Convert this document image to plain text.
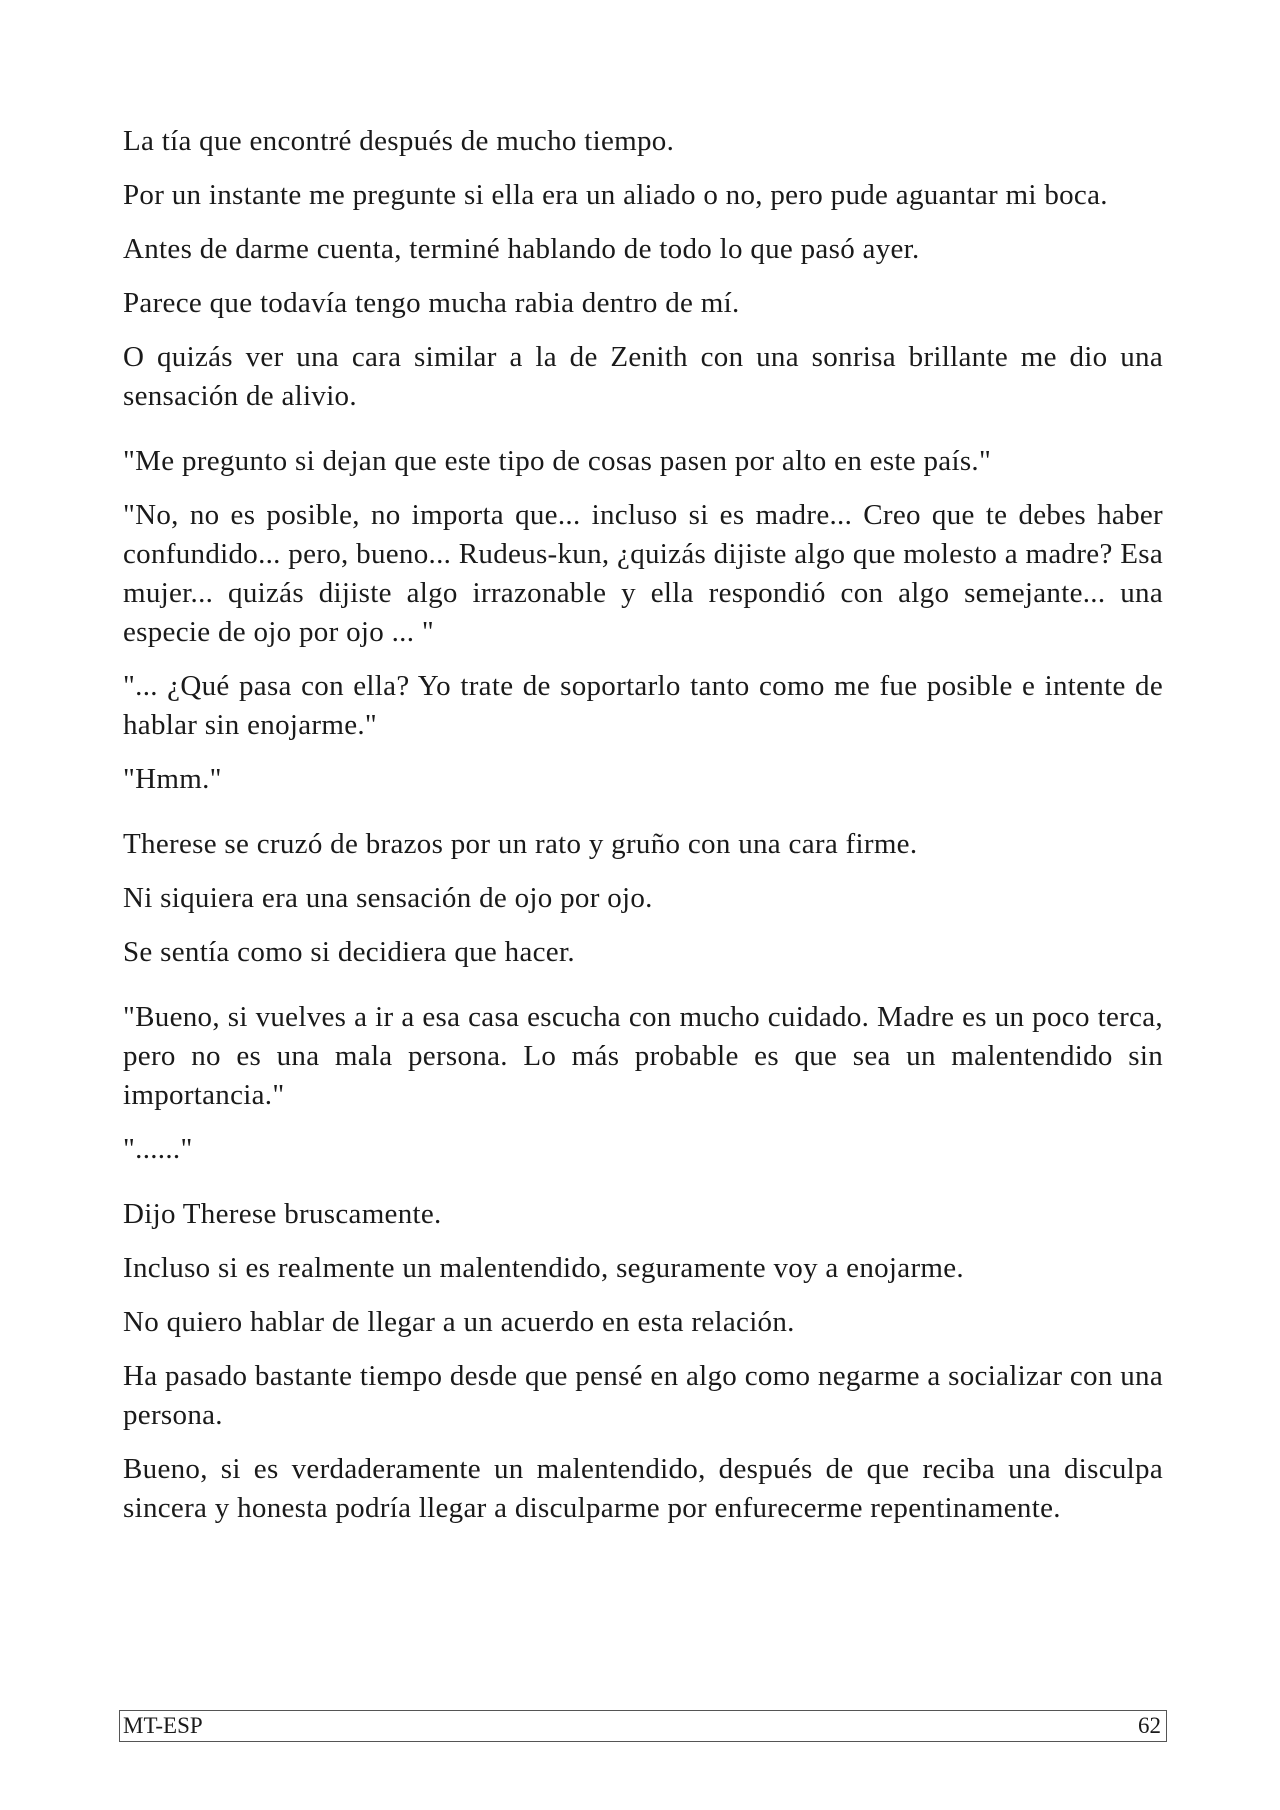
La tía que encontré después de mucho tiempo.

Por un instante me pregunte si ella era un aliado o no, pero pude aguantar mi boca.

Antes de darme cuenta, terminé hablando de todo lo que pasó ayer.

Parece que todavía tengo mucha rabia dentro de mí.

O quizás ver una cara similar a la de Zenith con una sonrisa brillante me dio una sensación de alivio.

"Me pregunto si dejan que este tipo de cosas pasen por alto en este país."

"No, no es posible, no importa que... incluso si es madre... Creo que te debes haber confundido... pero, bueno... Rudeus-kun, ¿quizás dijiste algo que molesto a madre? Esa mujer... quizás dijiste algo irrazonable y ella respondió con algo semejante... una especie de ojo por ojo ... "

"... ¿Qué pasa con ella? Yo trate de soportarlo tanto como me fue posible e intente de hablar sin enojarme."

"Hmm."

Therese se cruzó de brazos por un rato y gruño con una cara firme.

Ni siquiera era una sensación de ojo por ojo.

Se sentía como si decidiera que hacer.

"Bueno, si vuelves a ir a esa casa escucha con mucho cuidado. Madre es un poco terca, pero no es una mala persona. Lo más probable es que sea un malentendido sin importancia."

"......"

Dijo Therese bruscamente.

Incluso si es realmente un malentendido, seguramente voy a enojarme.

No quiero hablar de llegar a un acuerdo en esta relación.

Ha pasado bastante tiempo desde que pensé en algo como negarme a socializar con una persona.

Bueno, si es verdaderamente un malentendido, después de que reciba una disculpa sincera y honesta podría llegar a disculparme por enfurecerme repentinamente.

MT-ESP	62
